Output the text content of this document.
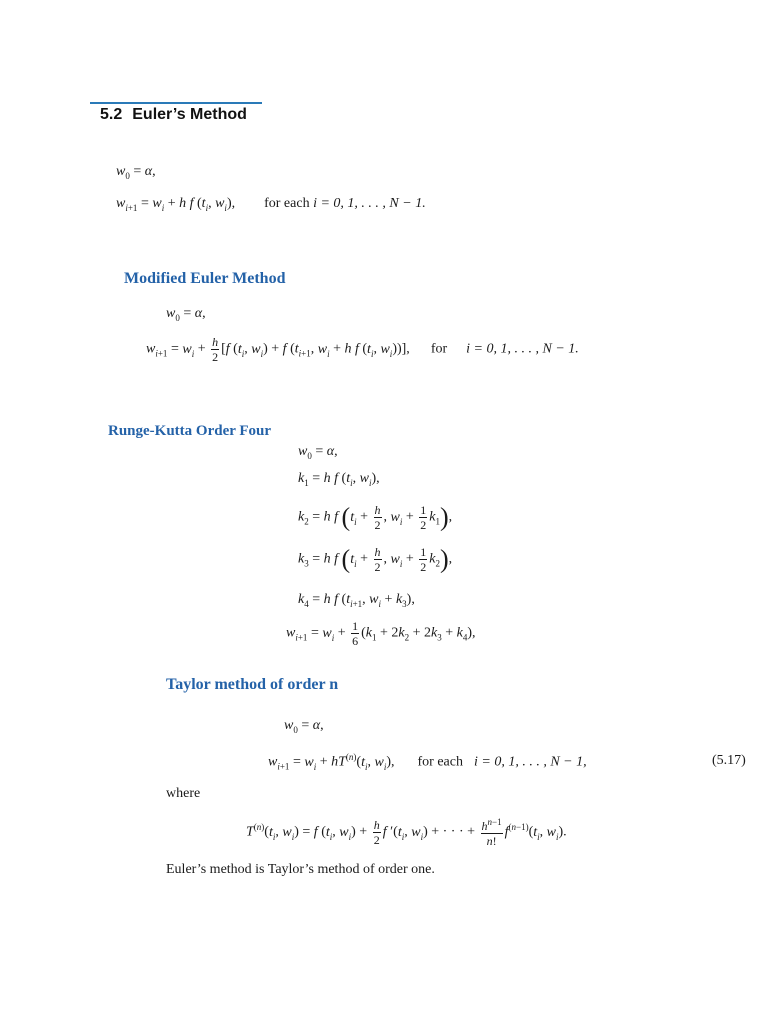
5.2 Euler’s Method
$w_0 = \alpha$,
$w_{i+1} = w_i + h$ f ($t_i$, $w_i$),  for each i = 0, 1, . . . , N − 1.
Modified Euler Method
$w_0 = \alpha$,
$w_{i+1} = w_i + \frac{h}{2} [f$ ($t_i$, $w_i) + f$ ($t_{i+1}$, $w_i + h$ f ($t_i$, $w_i$))],  for i = 0, 1, . . . , N − 1.
Runge-Kutta Order Four
$w_0 = \alpha$,
$k_1 = h$ f ($t_i$, $w_i$),
$k_2 = h$ f ($t_i + \frac{h}{2}$ , $w_i + \frac{1}{2} k_1$),
$k_3 = h$ f ($t_i + \frac{h}{2}$ , $w_i + \frac{1}{2} k_2$),
$k_4 = h$ f ($t_{i+1}$, $w_i + k_3$),
$w_{i+1} = w_i + \frac{1}{6} (k_1 + 2k_2 + 2k_3 + k_4)$,
Taylor method of order n
$w_0 = \alpha$,
$w_{i+1} = w_i + hT^{(n)}(t_i$, $w_i$),  for each i = 0, 1, . . . , N − 1,	(5.17)
where
$T^{(n)}(t_i$, $w_i) = f$ ($t_i$, $w_i) + \frac{h}{2}$ f $'(t_i$, $w_i$) + · · · + $\frac{h^{n-1}}{n!} f^{(n-1)}(t_i$, $w_i$).
Euler’s method is Taylor’s method of order one.
